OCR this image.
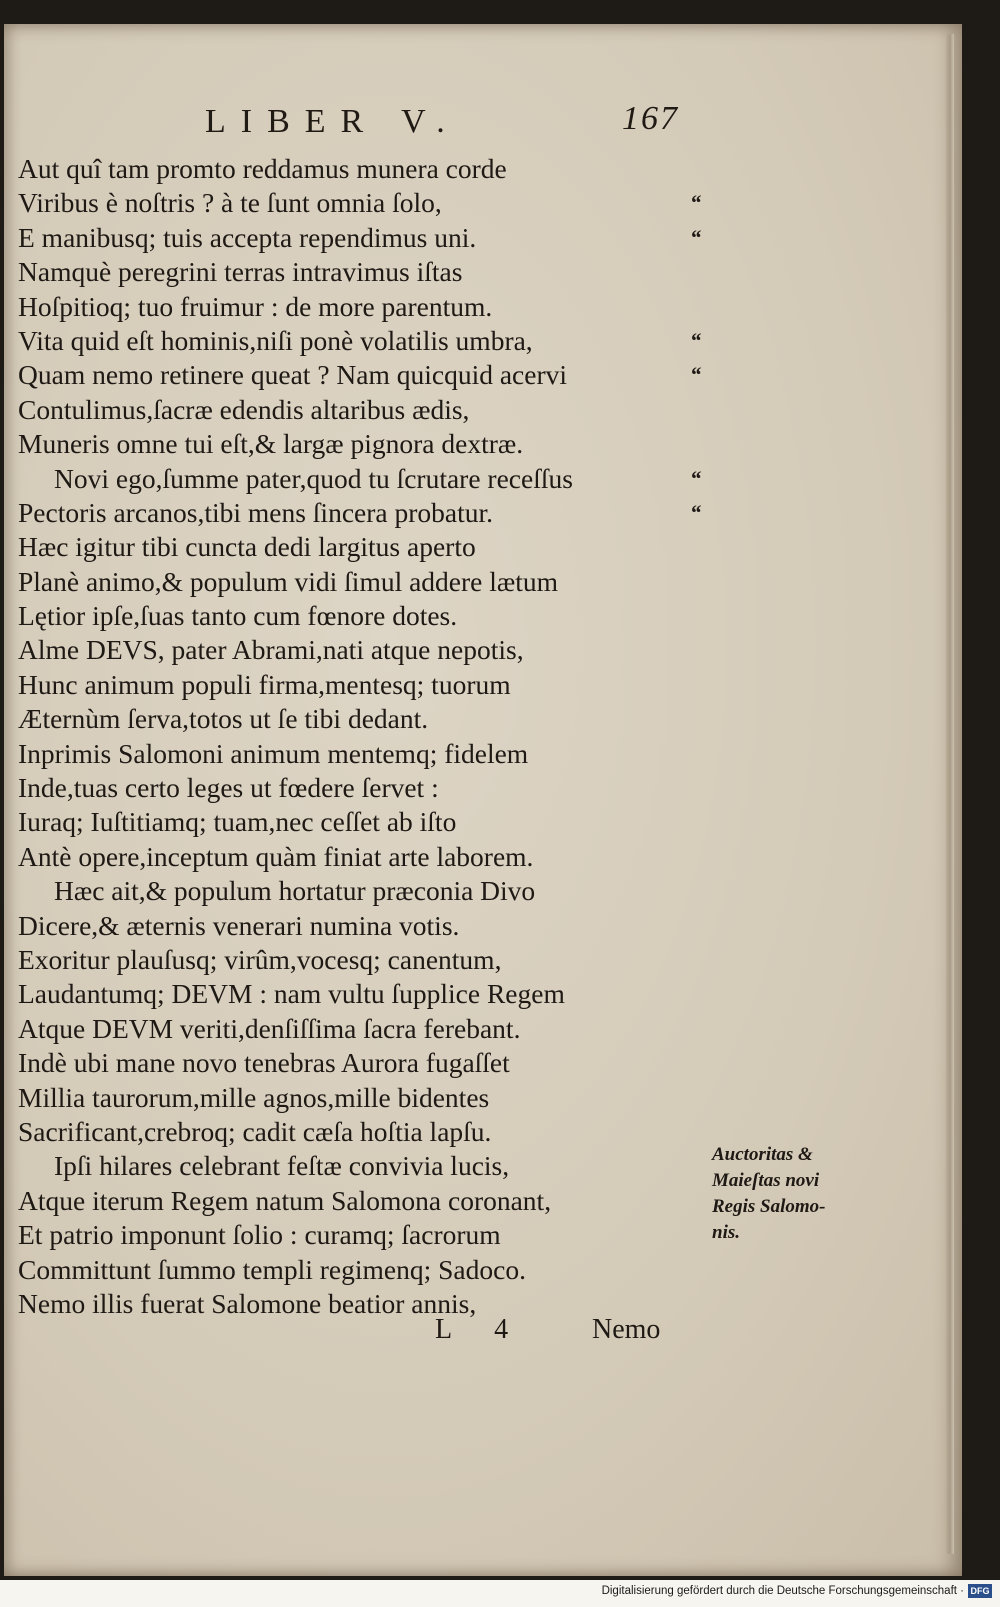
LIBER V.	167
Aut quî tam promto reddamus munera corde
Viribus è noſtris ? à te ſunt omnia ſolo,
E manibusq; tuis accepta rependimus uni.
Namquè peregrini terras intravimus iſtas
Hoſpitioq; tuo fruimur : de more parentum.
Vita quid eſt hominis,niſi ponè volatilis umbra,
Quam nemo retinere queat ? Nam quicquid acervi
Contulimus,ſacræ edendis altaribus ædis,
Muneris omne tui eſt,& largæ pignora dextræ.
Novi ego,ſumme pater,quod tu ſcrutare receſſus
Pectoris arcanos,tibi mens ſincera probatur.
Hæc igitur tibi cuncta dedi largitus aperto
Planè animo,& populum vidi ſimul addere lætum
Lętior ipſe,ſuas tanto cum fœnore dotes.
Alme DEVS, pater Abrami,nati atque nepotis,
Hunc animum populi firma,mentesq; tuorum
Æternùm ſerva,totos ut ſe tibi dedant.
Inprimis Salomoni animum mentemq; fidelem
Inde,tuas certo leges ut fœdere ſervet :
Iuraq; Iuſtitiamq; tuam,nec ceſſet ab iſto
Antè opere,inceptum quàm finiat arte laborem.
Hæc ait,& populum hortatur præconia Divo
Dicere,& æternis venerari numina votis.
Exoritur plauſusq; virûm,vocesq; canentum,
Laudantumq; DEVM : nam vultu ſupplice Regem
Atque DEVM veriti,denſiſſima ſacra ferebant.
Indè ubi mane novo tenebras Aurora fugaſſet
Millia taurorum,mille agnos,mille bidentes
Sacrificant,crebroq; cadit cæſa hoſtia lapſu.
Ipſi hilares celebrant feſtæ convivia lucis,
Atque iterum Regem natum Salomona coronant,
Et patrio imponunt ſolio : curamq; ſacrorum
Committunt ſummo templi regimenq; Sadoco.
Nemo illis fuerat Salomone beatior annis,
“
“
“
“
“
“
Auctoritas &
Maieſtas novi
Regis Salomo-
nis.
L 4 Nemo
Digitalisierung gefördert durch die Deutsche Forschungsgemeinschaft · DFG
